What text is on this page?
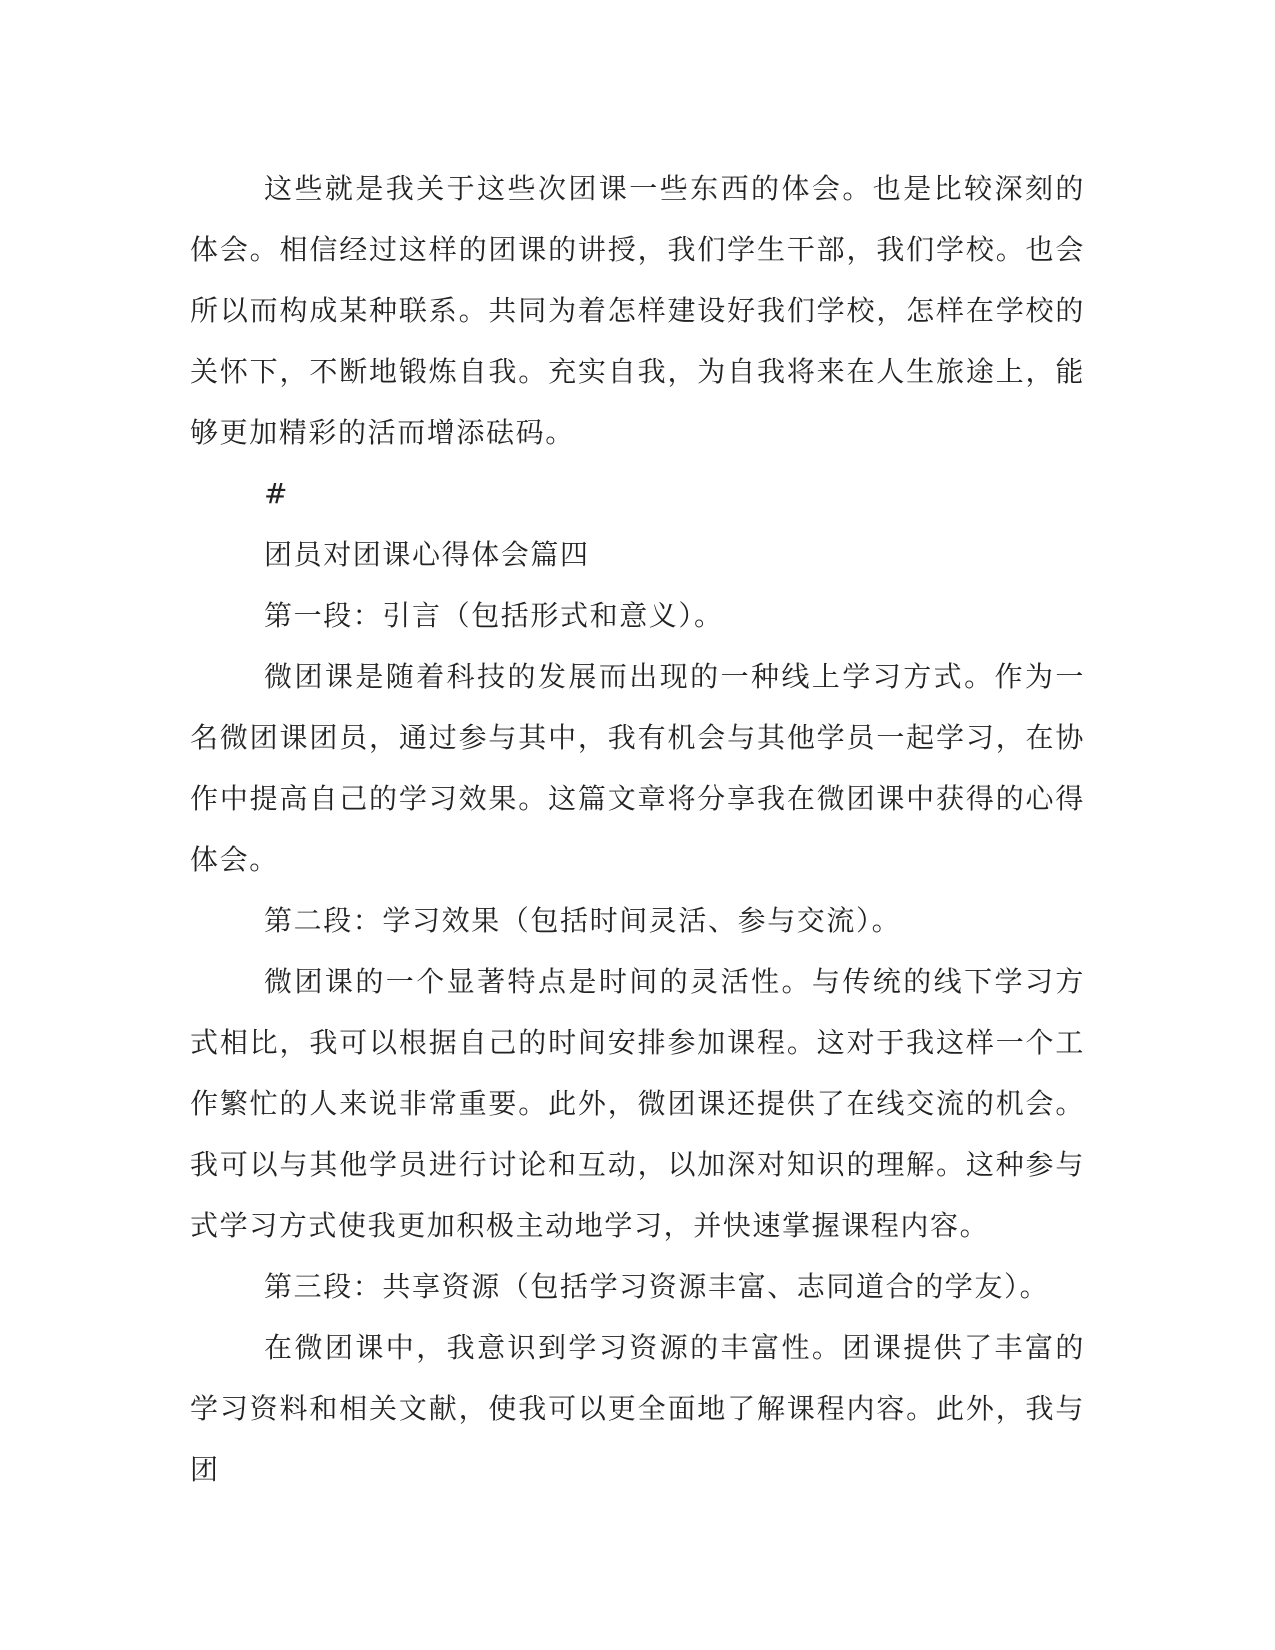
这些就是我关于这些次团课一些东西的体会。也是比较深刻的体会。相信经过这样的团课的讲授，我们学生干部，我们学校。也会所以而构成某种联系。共同为着怎样建设好我们学校，怎样在学校的关怀下，不断地锻炼自我。充实自我，为自我将来在人生旅途上，能够更加精彩的活而增添砝码。

#

团员对团课心得体会篇四

第一段：引言（包括形式和意义）。

微团课是随着科技的发展而出现的一种线上学习方式。作为一名微团课团员，通过参与其中，我有机会与其他学员一起学习，在协作中提高自己的学习效果。这篇文章将分享我在微团课中获得的心得体会。

第二段：学习效果（包括时间灵活、参与交流）。

微团课的一个显著特点是时间的灵活性。与传统的线下学习方式相比，我可以根据自己的时间安排参加课程。这对于我这样一个工作繁忙的人来说非常重要。此外，微团课还提供了在线交流的机会。我可以与其他学员进行讨论和互动，以加深对知识的理解。这种参与式学习方式使我更加积极主动地学习，并快速掌握课程内容。

第三段：共享资源（包括学习资源丰富、志同道合的学友）。

在微团课中，我意识到学习资源的丰富性。团课提供了丰富的学习资料和相关文献，使我可以更全面地了解课程内容。此外，我与团
